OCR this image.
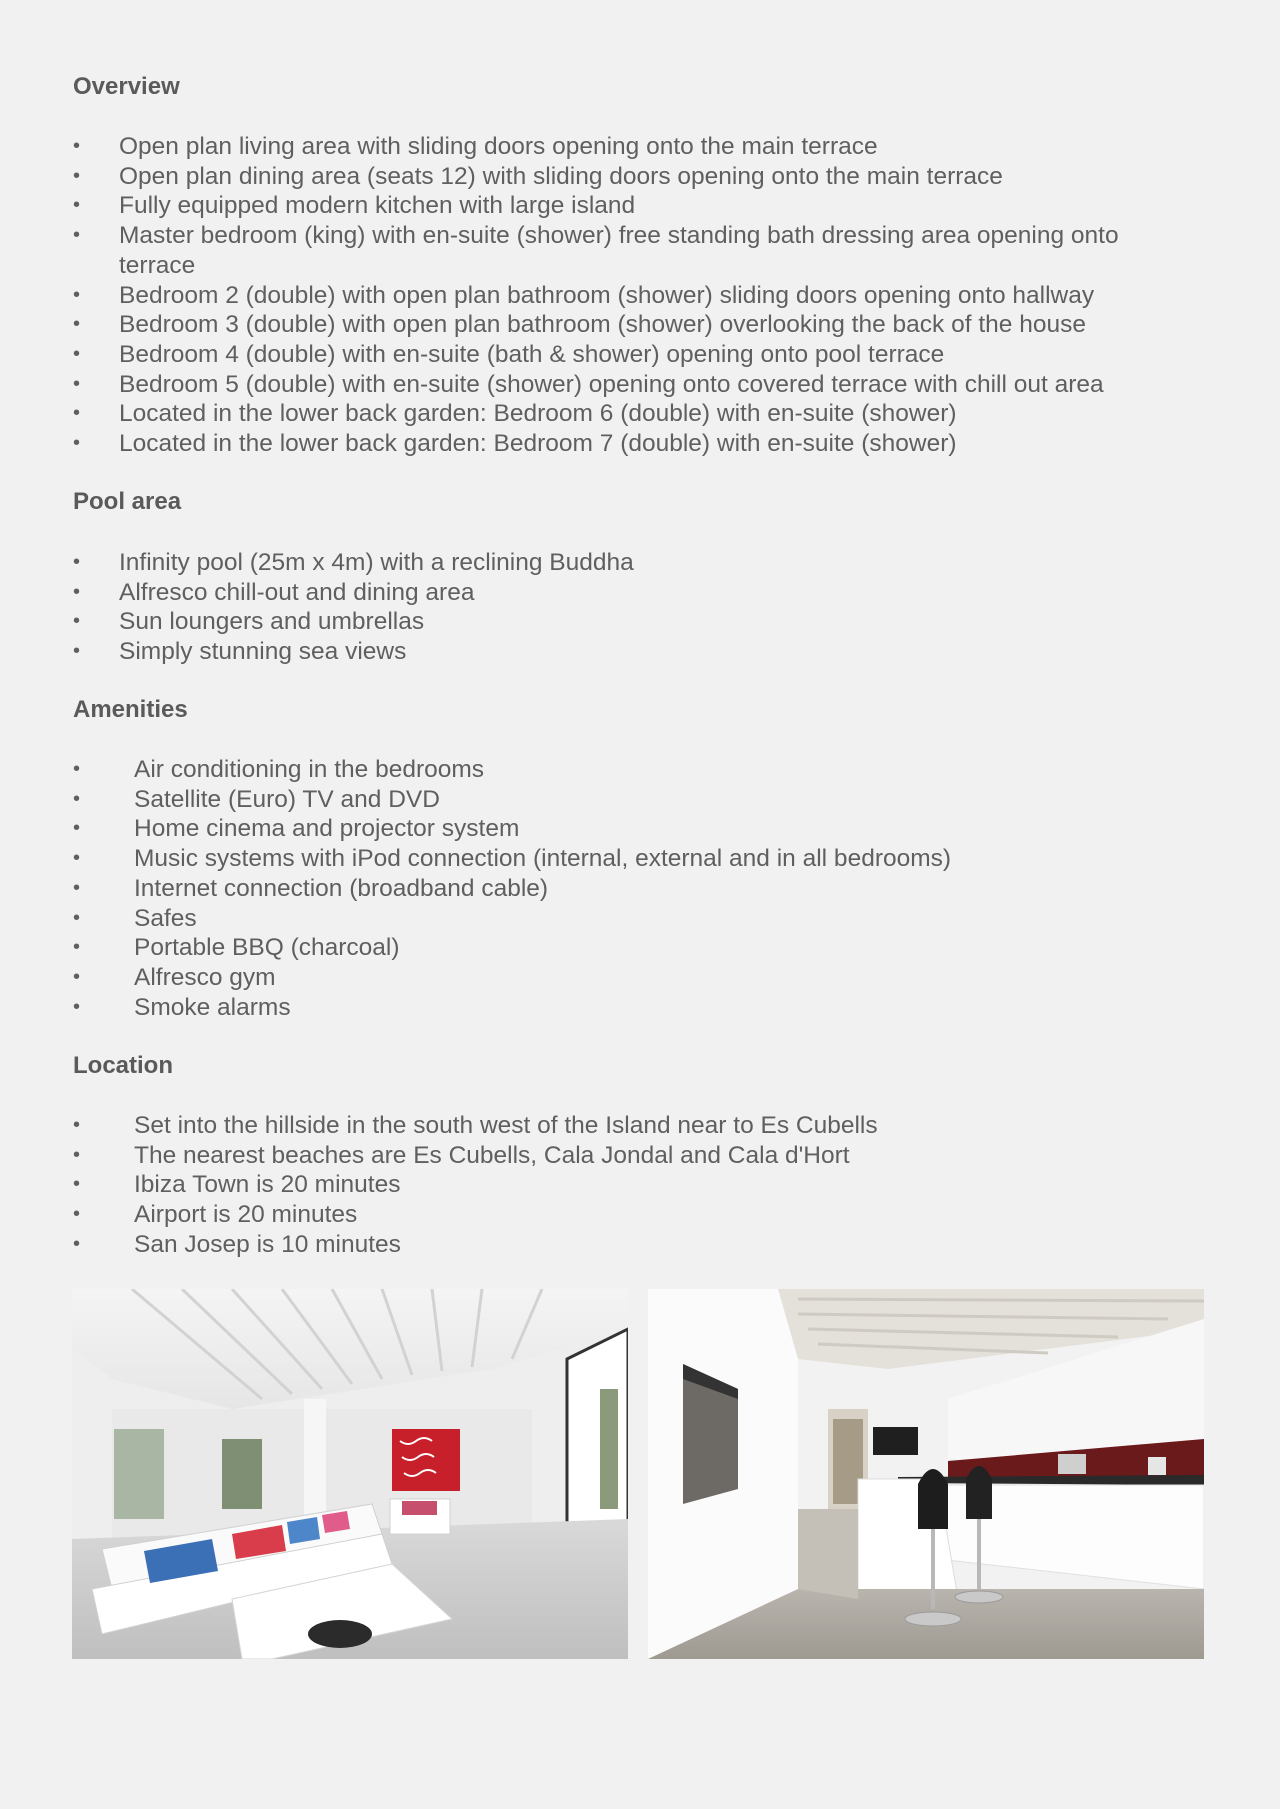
Overview
• Open plan living area with sliding doors opening onto the main terrace
• Open plan dining area (seats 12) with sliding doors opening onto the main terrace
• Fully equipped modern kitchen with large island
• Master bedroom (king) with en-suite (shower) free standing bath dressing area opening onto terrace
• Bedroom 2 (double) with open plan bathroom (shower) sliding doors opening onto hallway
• Bedroom 3 (double) with open plan bathroom (shower) overlooking the back of the house
• Bedroom 4 (double) with en-suite (bath & shower) opening onto pool terrace
• Bedroom 5 (double) with en-suite (shower) opening onto covered terrace with chill out area
• Located in the lower back garden: Bedroom 6 (double) with en-suite (shower)
• Located in the lower back garden: Bedroom 7 (double) with en-suite (shower)
Pool area
• Infinity pool (25m x 4m) with a reclining Buddha
• Alfresco chill-out and dining area
• Sun loungers and umbrellas
• Simply stunning sea views
Amenities
• Air conditioning in the bedrooms
• Satellite (Euro) TV and DVD
• Home cinema and projector system
• Music systems with iPod connection (internal, external and in all bedrooms)
• Internet connection (broadband cable)
• Safes
• Portable BBQ (charcoal)
• Alfresco gym
• Smoke alarms
Location
• Set into the hillside in the south west of the Island near to Es Cubells
• The nearest beaches are Es Cubells, Cala Jondal and Cala d'Hort
• Ibiza Town is 20 minutes
• Airport is 20 minutes
• San Josep is 10 minutes
